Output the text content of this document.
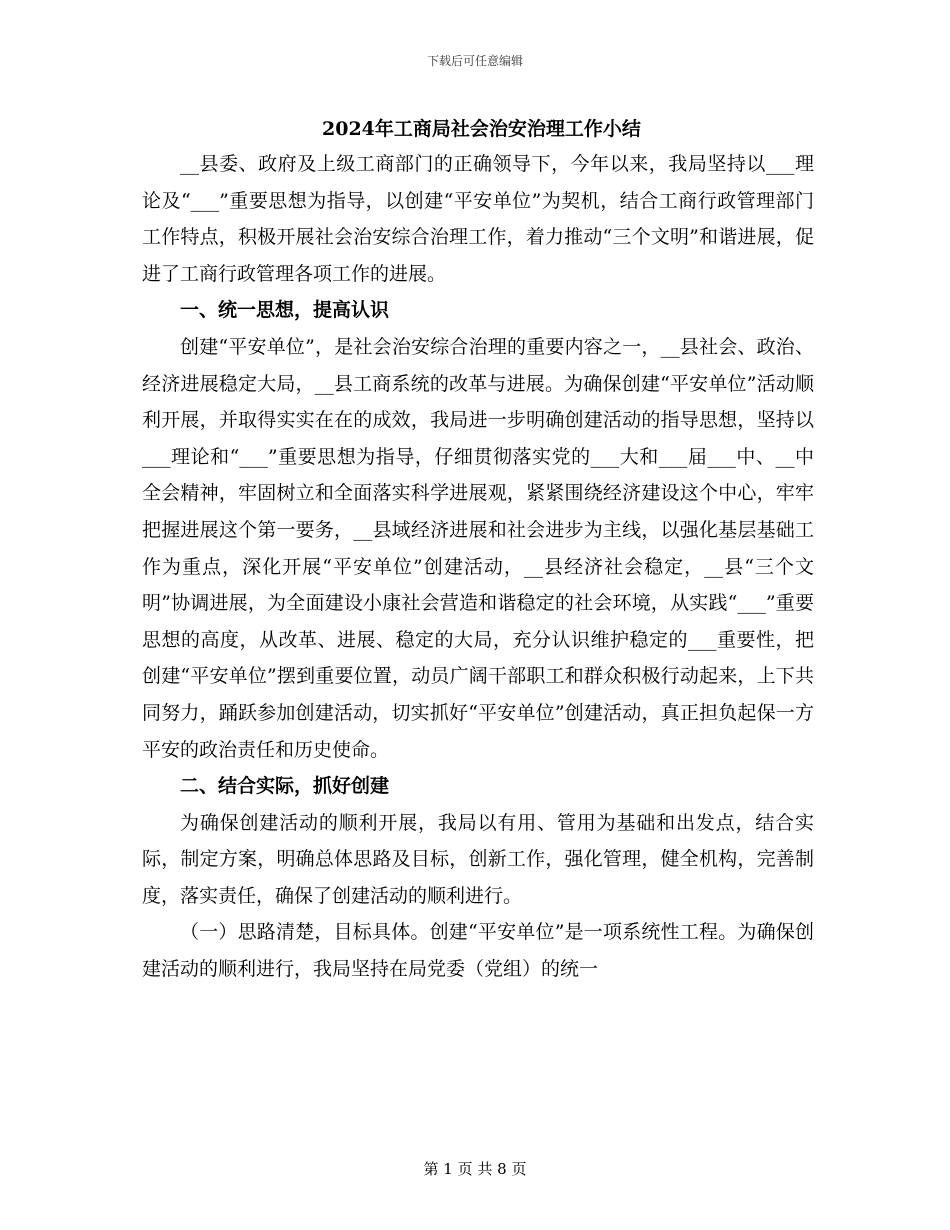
下载后可任意编辑
2024年工商局社会治安治理工作小结

__县委、政府及上级工商部门的正确领导下，今年以来，我局坚持以___理论及“___”重要思想为指导，以创建“平安单位”为契机，结合工商行政管理部门工作特点，积极开展社会治安综合治理工作，着力推动“三个文明”和谐进展，促进了工商行政管理各项工作的进展。

一、统一思想，提高认识

创建“平安单位”，是社会治安综合治理的重要内容之一，__县社会、政治、经济进展稳定大局，__县工商系统的改革与进展。为确保创建“平安单位”活动顺利开展，并取得实实在在的成效，我局进一步明确创建活动的指导思想，坚持以___理论和“___”重要思想为指导，仔细贯彻落实党的___大和___届___中、__中全会精神，牢固树立和全面落实科学进展观，紧紧围绕经济建设这个中心，牢牢把握进展这个第一要务，__县域经济进展和社会进步为主线，以强化基层基础工作为重点，深化开展“平安单位”创建活动，__县经济社会稳定，__县“三个文明”协调进展，为全面建设小康社会营造和谐稳定的社会环境，从实践“___”重要思想的高度，从改革、进展、稳定的大局，充分认识维护稳定的___重要性，把创建“平安单位”摆到重要位置，动员广阔干部职工和群众积极行动起来，上下共同努力，踊跃参加创建活动，切实抓好“平安单位”创建活动，真正担负起保一方平安的政治责任和历史使命。

二、结合实际，抓好创建

为确保创建活动的顺利开展，我局以有用、管用为基础和出发点，结合实际，制定方案，明确总体思路及目标，创新工作，强化管理，健全机构，完善制度，落实责任，确保了创建活动的顺利进行。

（一）思路清楚，目标具体。创建“平安单位”是一项系统性工程。为确保创建活动的顺利进行，我局坚持在局党委（党组）的统一

第 1 页 共 8 页
